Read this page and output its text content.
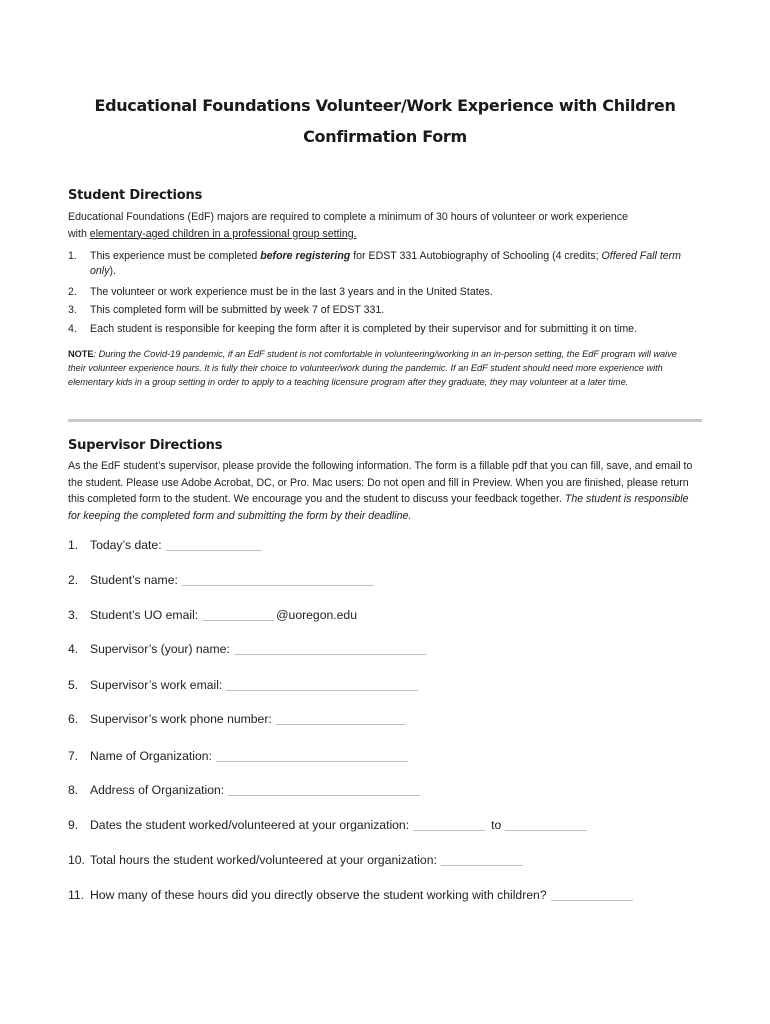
Educational Foundations Volunteer/Work Experience with Children
Confirmation Form
Student Directions
Educational Foundations (EdF) majors are required to complete a minimum of 30 hours of volunteer or work experience
with elementary-aged children in a professional group setting.
1.	This experience must be completed before registering for EDST 331 Autobiography of Schooling (4 credits; Offered Fall term only).
2.	The volunteer or work experience must be in the last 3 years and in the United States.
3.	This completed form will be submitted by week 7 of EDST 331.
4.	Each student is responsible for keeping the form after it is completed by their supervisor and for submitting it on time.
NOTE: During the Covid-19 pandemic, if an EdF student is not comfortable in volunteering/working in an in-person setting, the EdF program will waive their volunteer experience hours. It is fully their choice to volunteer/work during the pandemic. If an EdF student should need more experience with elementary kids in a group setting in order to apply to a teaching licensure program after they graduate, they may volunteer at a later time.
Supervisor Directions
As the EdF student’s supervisor, please provide the following information. The form is a fillable pdf that you can fill, save, and email to the student. Please use Adobe Acrobat, DC, or Pro. Mac users: Do not open and fill in Preview. When you are finished, please return this completed form to the student. We encourage you and the student to discuss your feedback together. The student is responsible for keeping the completed form and submitting the form by their deadline.
1. Today’s date:
2. Student’s name:
3. Student’s UO email:	@uoregon.edu
4. Supervisor’s (your) name:
5. Supervisor’s work email:
6. Supervisor’s work phone number:
7. Name of Organization:
8. Address of Organization:
9. Dates the student worked/volunteered at your organization:	to
10. Total hours the student worked/volunteered at your organization:
11. How many of these hours did you directly observe the student working with children?
